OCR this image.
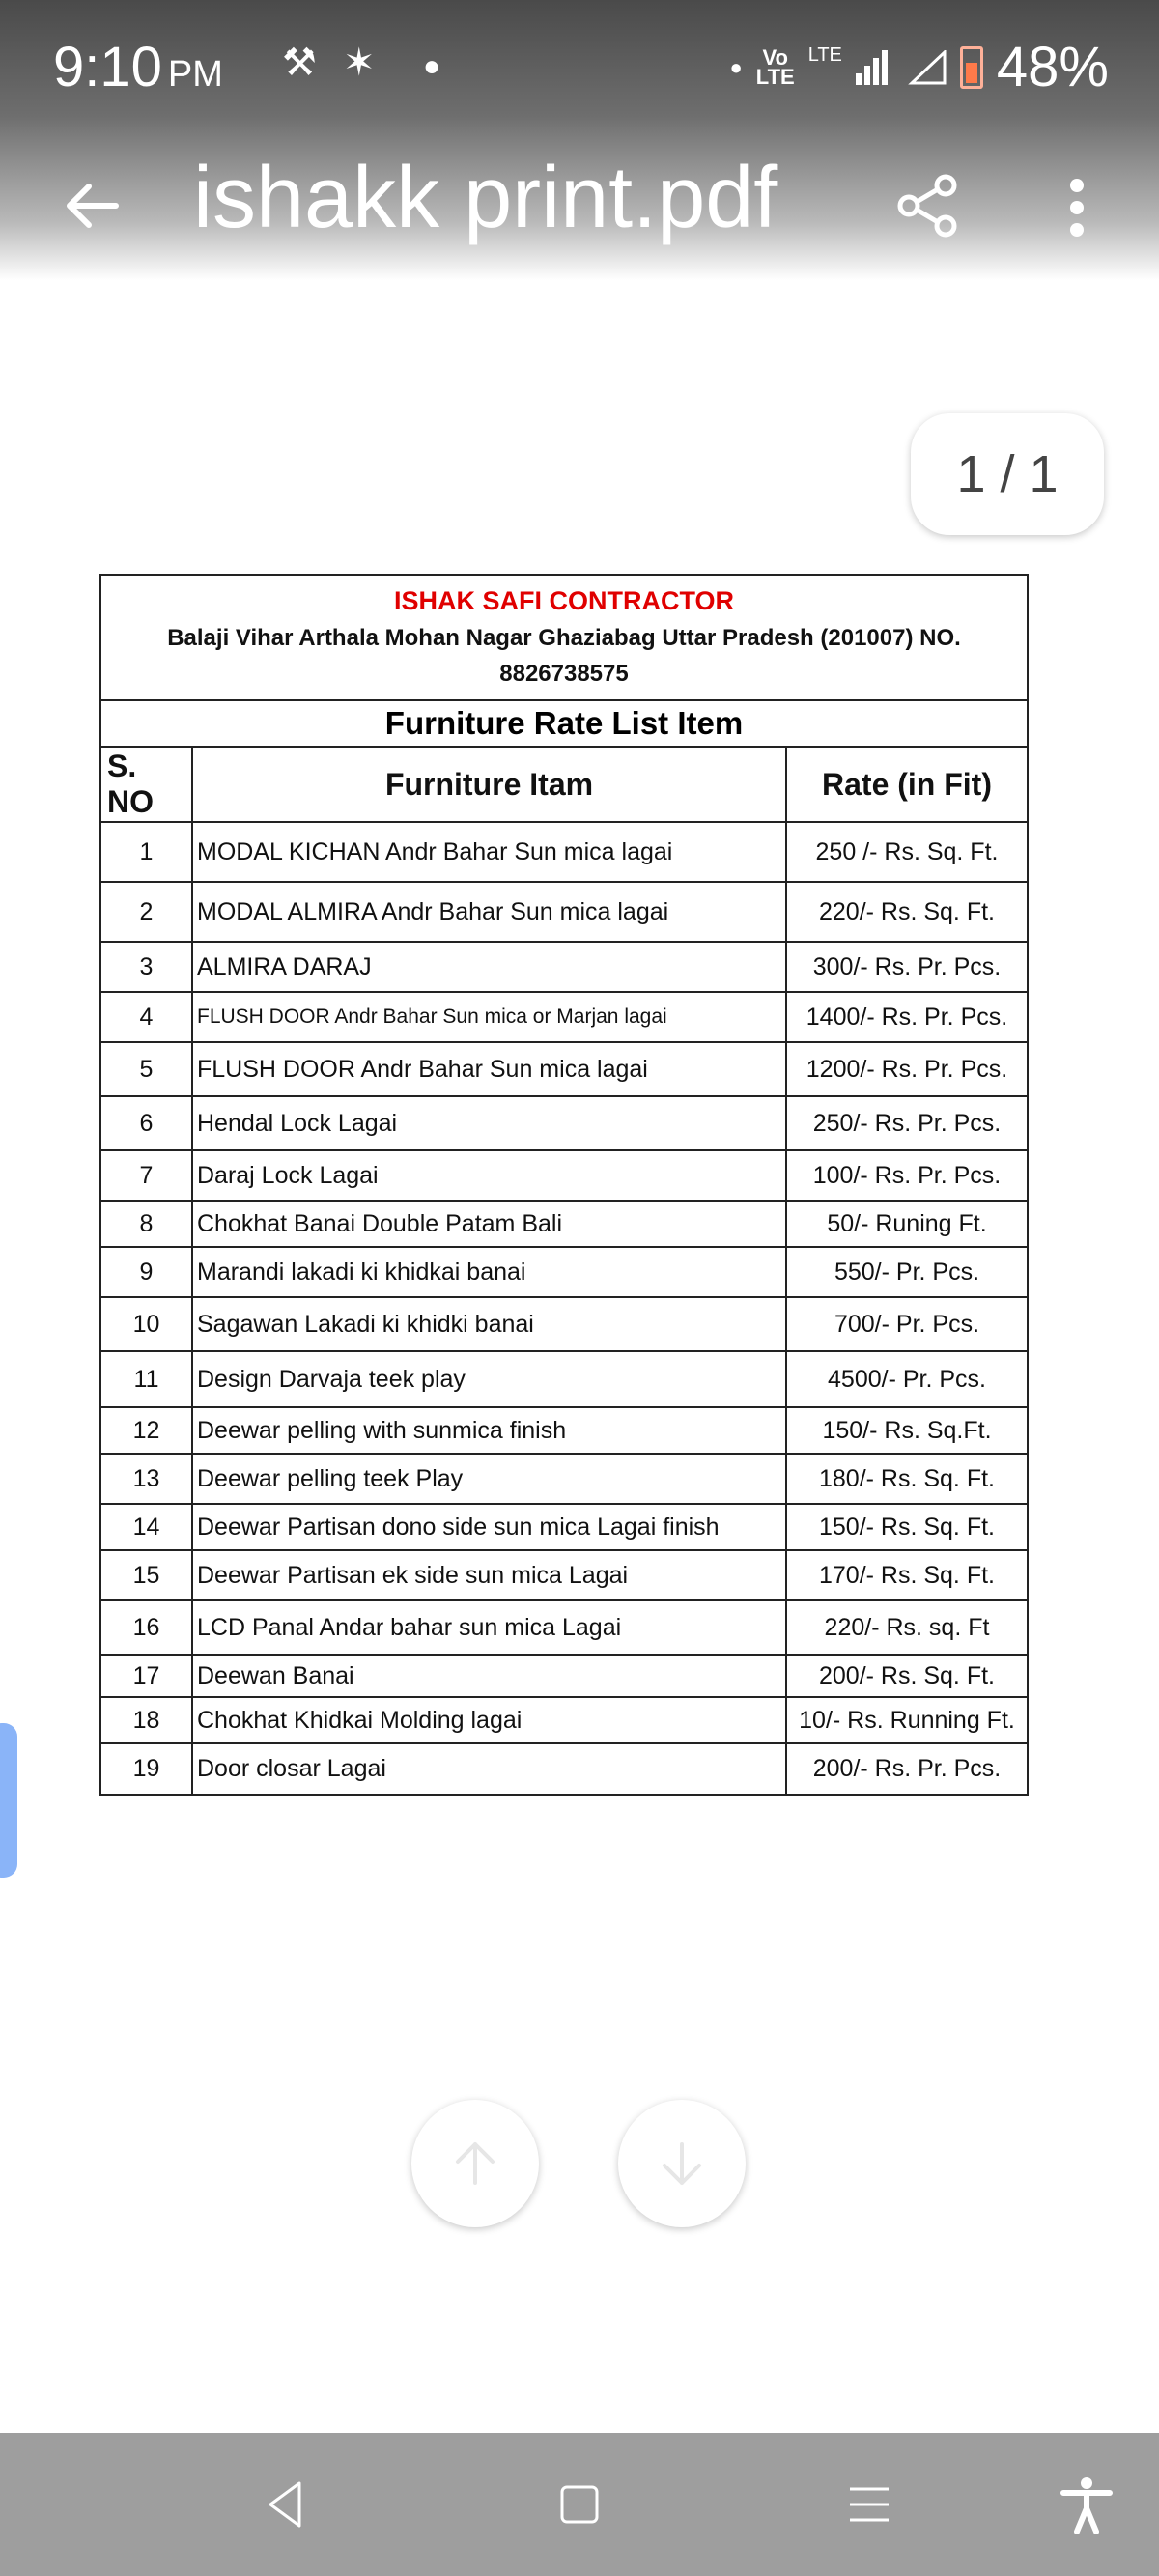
9:10 PM ⚒ ✶ ●	● Vo
LTE
LTE	48%
ishakk print.pdf
1 / 1
ISHAK SAFI CONTRACTOR
Balaji Vihar Arthala Mohan Nagar Ghaziabag Uttar Pradesh (201007) NO. 8826738575
Furniture Rate List Item
S. NO	Furniture Itam	Rate (in Fit)
1	MODAL KICHAN Andr Bahar Sun mica lagai	250 /- Rs. Sq. Ft.
2	MODAL ALMIRA Andr Bahar Sun mica lagai	220/- Rs. Sq. Ft.
3	ALMIRA DARAJ	300/- Rs. Pr. Pcs.
4	FLUSH DOOR Andr Bahar Sun mica or Marjan lagai	1400/- Rs. Pr. Pcs.
5	FLUSH DOOR Andr Bahar Sun mica lagai	1200/- Rs. Pr. Pcs.
6	Hendal Lock Lagai	250/- Rs. Pr. Pcs.
7	Daraj Lock Lagai	100/- Rs. Pr. Pcs.
8	Chokhat Banai Double Patam Bali	50/- Runing Ft.
9	Marandi lakadi ki khidkai banai	550/- Pr. Pcs.
10	Sagawan Lakadi ki khidki banai	700/- Pr. Pcs.
11	Design Darvaja teek play	4500/- Pr. Pcs.
12	Deewar pelling with sunmica finish	150/- Rs. Sq.Ft.
13	Deewar pelling teek Play	180/- Rs. Sq. Ft.
14	Deewar Partisan dono side sun mica Lagai finish	150/- Rs. Sq. Ft.
15	Deewar Partisan ek side sun mica Lagai	170/- Rs. Sq. Ft.
16	LCD Panal Andar bahar sun mica Lagai	220/- Rs. sq. Ft
17	Deewan Banai	200/- Rs. Sq. Ft.
18	Chokhat Khidkai Molding lagai	10/- Rs. Running Ft.
19	Door closar Lagai	200/- Rs. Pr. Pcs.
